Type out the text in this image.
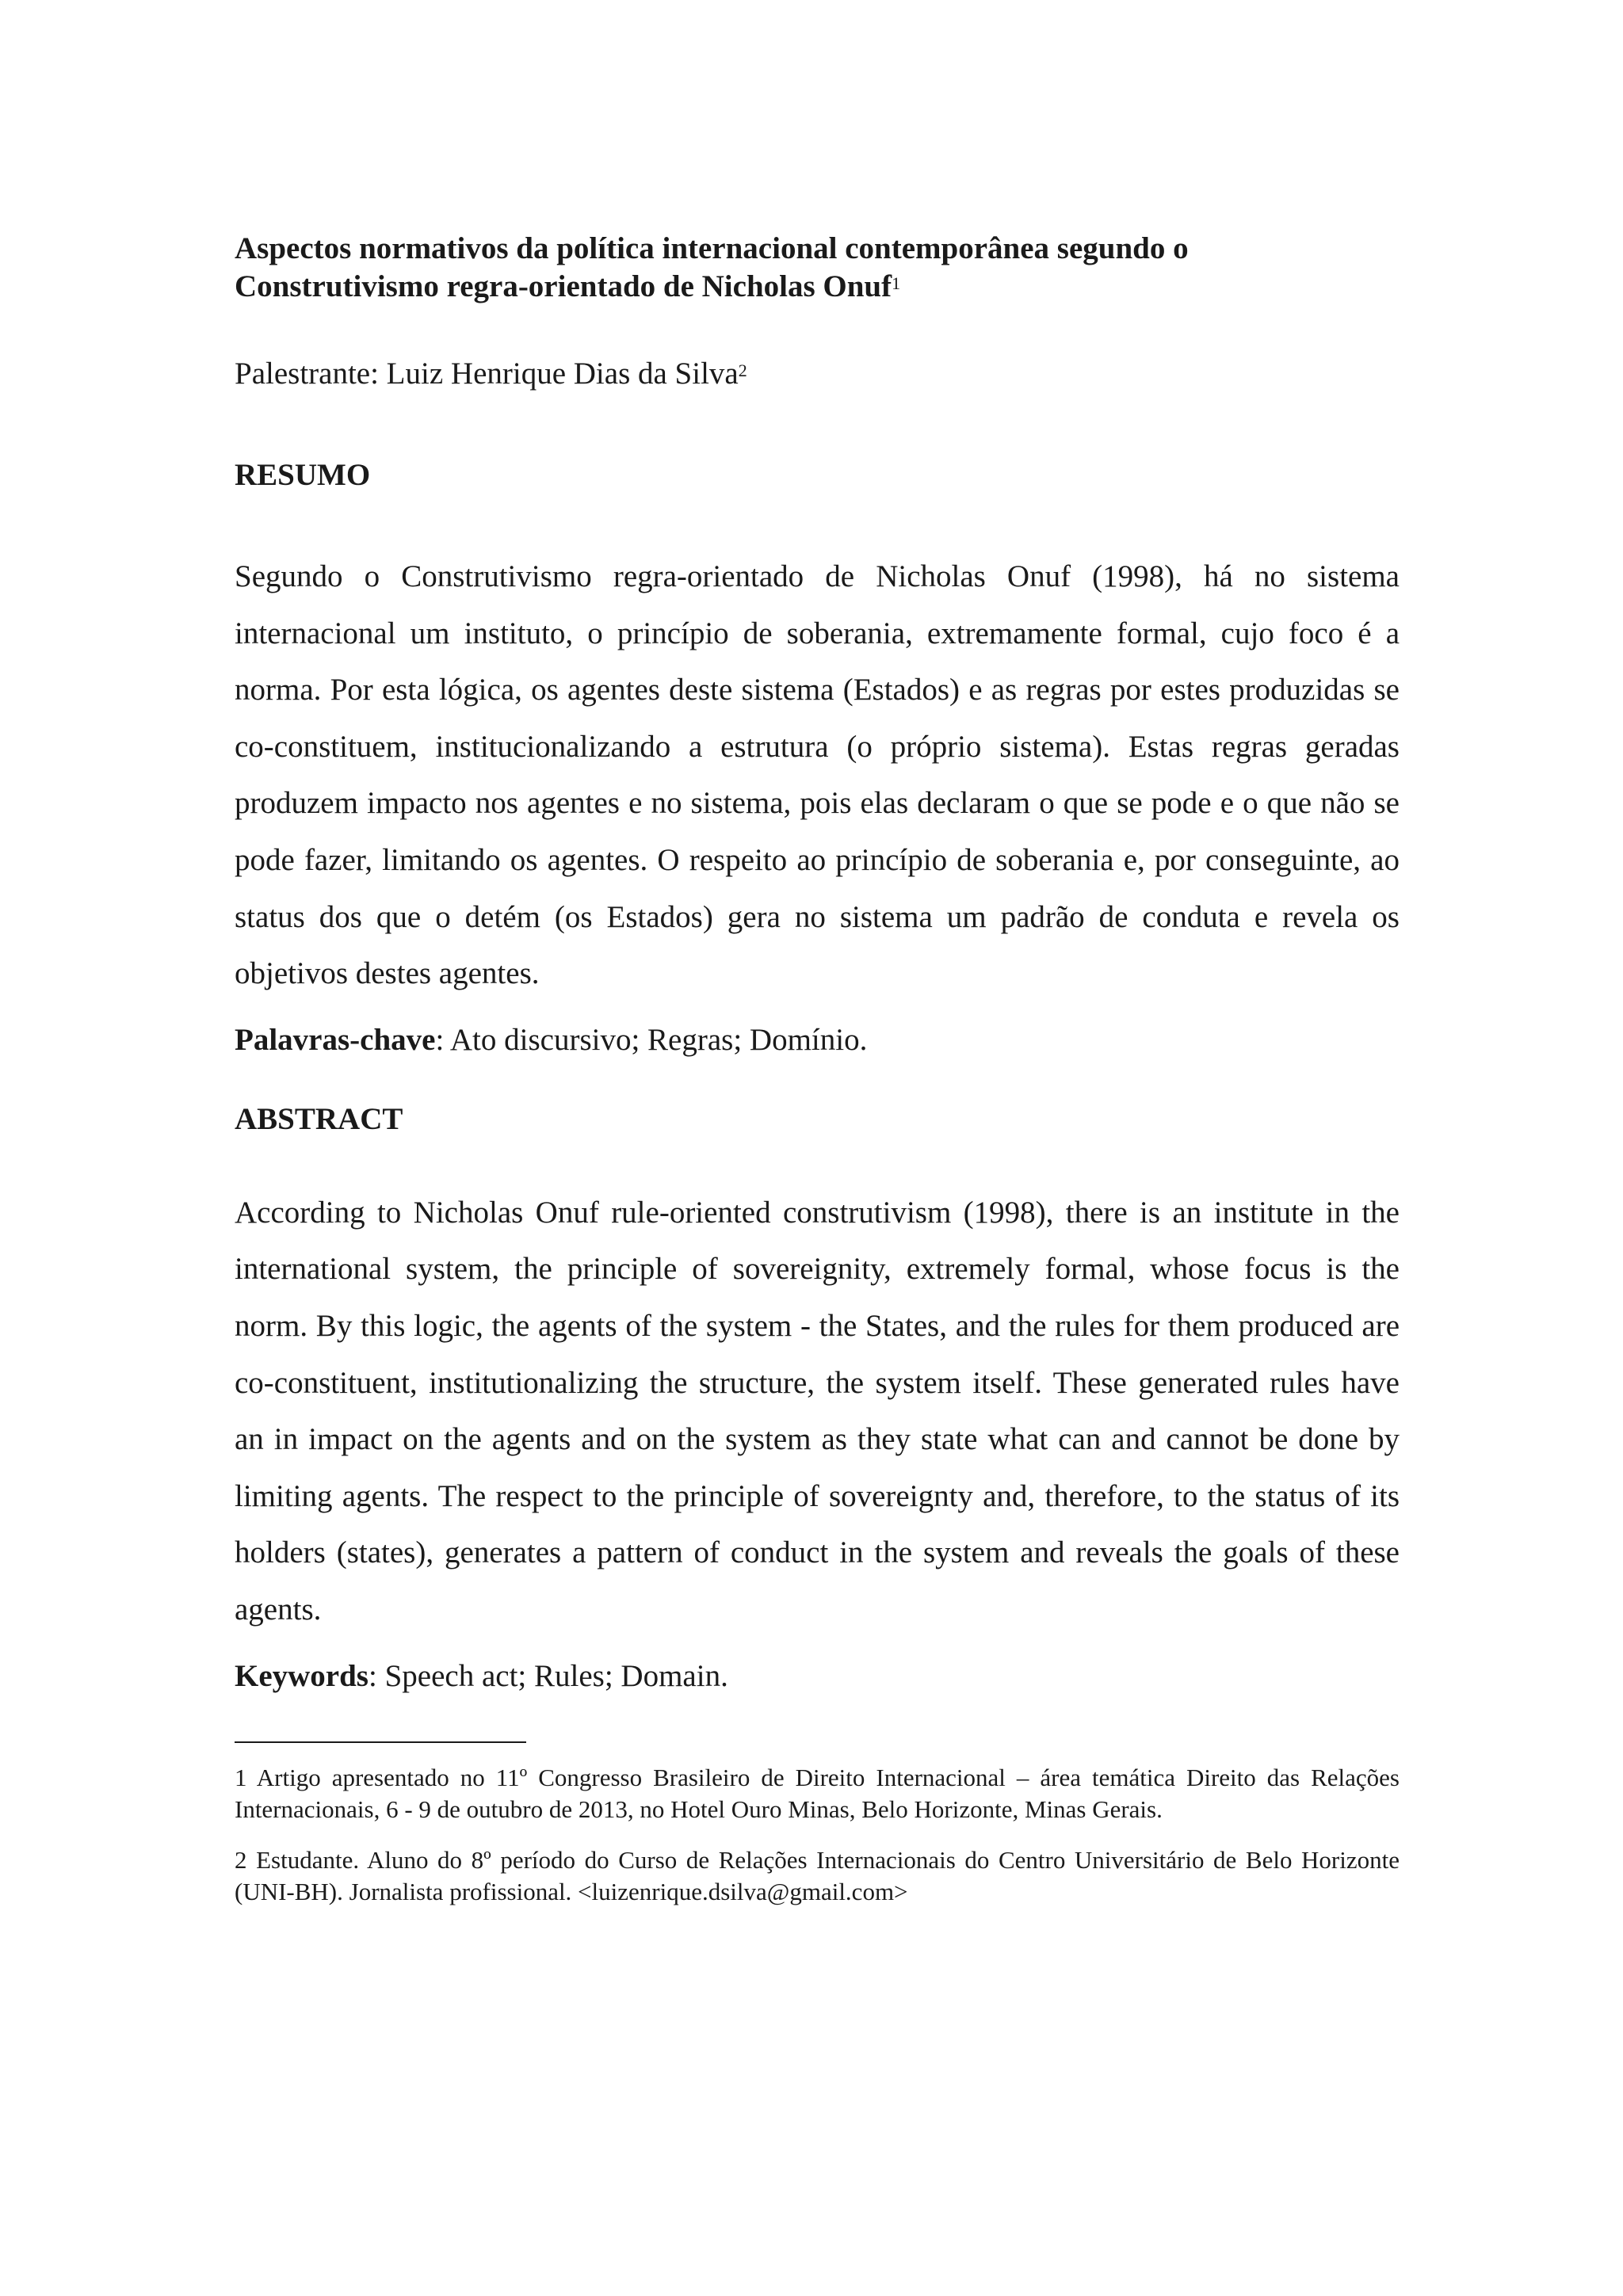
Aspectos normativos da política internacional contemporânea segundo o Construtivismo regra-orientado de Nicholas Onuf$^1$
Palestrante: Luiz Henrique Dias da Silva$^2$
RESUMO

Segundo o Construtivismo regra-orientado de Nicholas Onuf (1998), há no sistema internacional um instituto, o princípio de soberania, extremamente formal, cujo foco é a norma. Por esta lógica, os agentes deste sistema (Estados) e as regras por estes produzidas se co-constituem, institucionalizando a estrutura (o próprio sistema). Estas regras geradas produzem impacto nos agentes e no sistema, pois elas declaram o que se pode e o que não se pode fazer, limitando os agentes. O respeito ao princípio de soberania e, por conseguinte, ao status dos que o detém (os Estados) gera no sistema um padrão de conduta e revela os objetivos destes agentes.

Palavras-chave: Ato discursivo; Regras; Domínio.
ABSTRACT

According to Nicholas Onuf rule-oriented construtivism (1998), there is an institute in the international system, the principle of sovereignity, extremely formal, whose focus is the norm. By this logic, the agents of the system - the States, and the rules for them produced are co-constituent, institutionalizing the structure, the system itself. These generated rules have an in impact on the agents and on the system as they state what can and cannot be done by limiting agents. The respect to the principle of sovereignty and, therefore, to the status of its holders (states), generates a pattern of conduct in the system and reveals the goals of these agents.

Keywords: Speech act; Rules; Domain.
1 Artigo apresentado no 11º Congresso Brasileiro de Direito Internacional – área temática Direito das Relações Internacionais, 6 - 9 de outubro de 2013, no Hotel Ouro Minas, Belo Horizonte, Minas Gerais.
2 Estudante. Aluno do 8º período do Curso de Relações Internacionais do Centro Universitário de Belo Horizonte (UNI-BH). Jornalista profissional. <luizenrique.dsilva@gmail.com>
